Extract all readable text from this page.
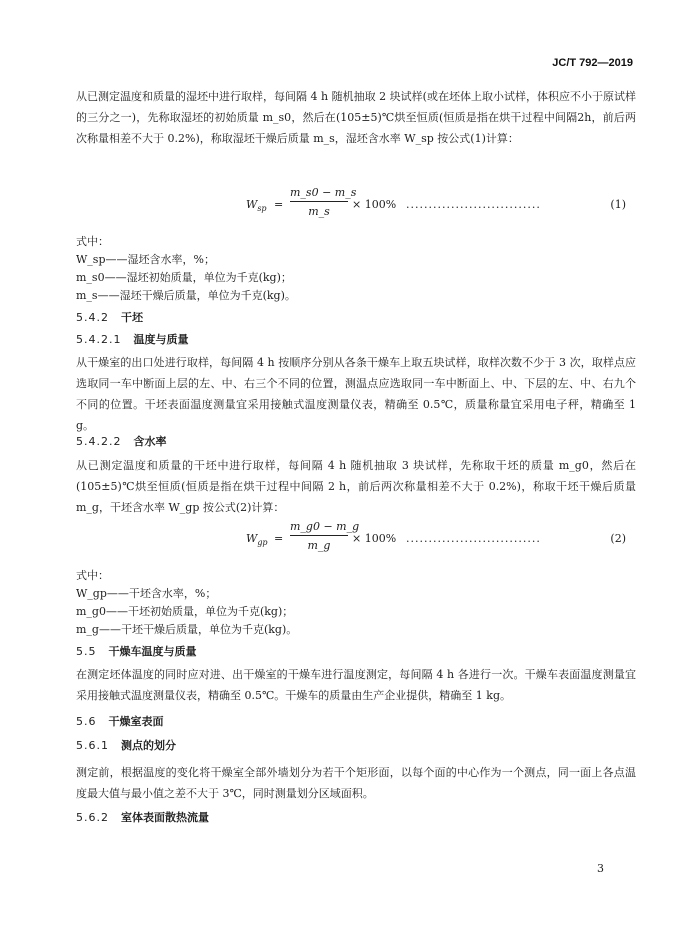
JC/T 792—2019

从已测定温度和质量的湿坯中进行取样，每间隔 4 h 随机抽取 2 块试样(或在坯体上取小试样，体积应不小于原试样的三分之一)，先称取湿坯的初始质量 m_s0，然后在(105±5)℃烘至恒质(恒质是指在烘干过程中间隔2h，前后两次称量相差不大于 0.2%)，称取湿坯干燥后质量 m_s，湿坯含水率 W_sp 按公式(1)计算：

$W_{sp} = \frac{m\_s0 - m\_s}{m\_s} \times 100\%$ ..............................	(1)
式中：
W_sp——湿坯含水率，%；
m_s0——湿坯初始质量，单位为千克(kg)；
m_s——湿坯干燥后质量，单位为千克(kg)。
5.4.2 干坯
5.4.2.1 温度与质量

从干燥室的出口处进行取样，每间隔 4 h 按顺序分别从各条干燥车上取五块试样，取样次数不少于 3 次，取样点应选取同一车中断面上层的左、中、右三个不同的位置，测温点应选取同一车中断面上、中、下层的左、中、右九个不同的位置。干坯表面温度测量宜采用接触式温度测量仪表，精确至 0.5℃，质量称量宜采用电子秤，精确至 1 g。

5.4.2.2 含水率

从已测定温度和质量的干坯中进行取样，每间隔 4 h 随机抽取 3 块试样，先称取干坯的质量 m_g0，然后在(105±5)℃烘至恒质(恒质是指在烘干过程中间隔 2 h，前后两次称量相差不大于 0.2%)，称取干坯干燥后质量 m_g，干坯含水率 W_gp 按公式(2)计算：

$W_{gp} = \frac{m\_g0 - m\_g}{m\_g} \times 100\%$ ..............................	(2)
式中：
W_gp——干坯含水率，%；
m_g0——干坯初始质量，单位为千克(kg)；
m_g——干坯干燥后质量，单位为千克(kg)。
5.5 干燥车温度与质量

在测定坯体温度的同时应对进、出干燥室的干燥车进行温度测定，每间隔 4 h 各进行一次。干燥车表面温度测量宜采用接触式温度测量仪表，精确至 0.5℃。干燥车的质量由生产企业提供，精确至 1 kg。

5.6 干燥室表面
5.6.1 测点的划分

测定前，根据温度的变化将干燥室全部外墙划分为若干个矩形面，以每个面的中心作为一个测点，同一面上各点温度最大值与最小值之差不大于 3℃，同时测量划分区域面积。

5.6.2 室体表面散热流量
3
